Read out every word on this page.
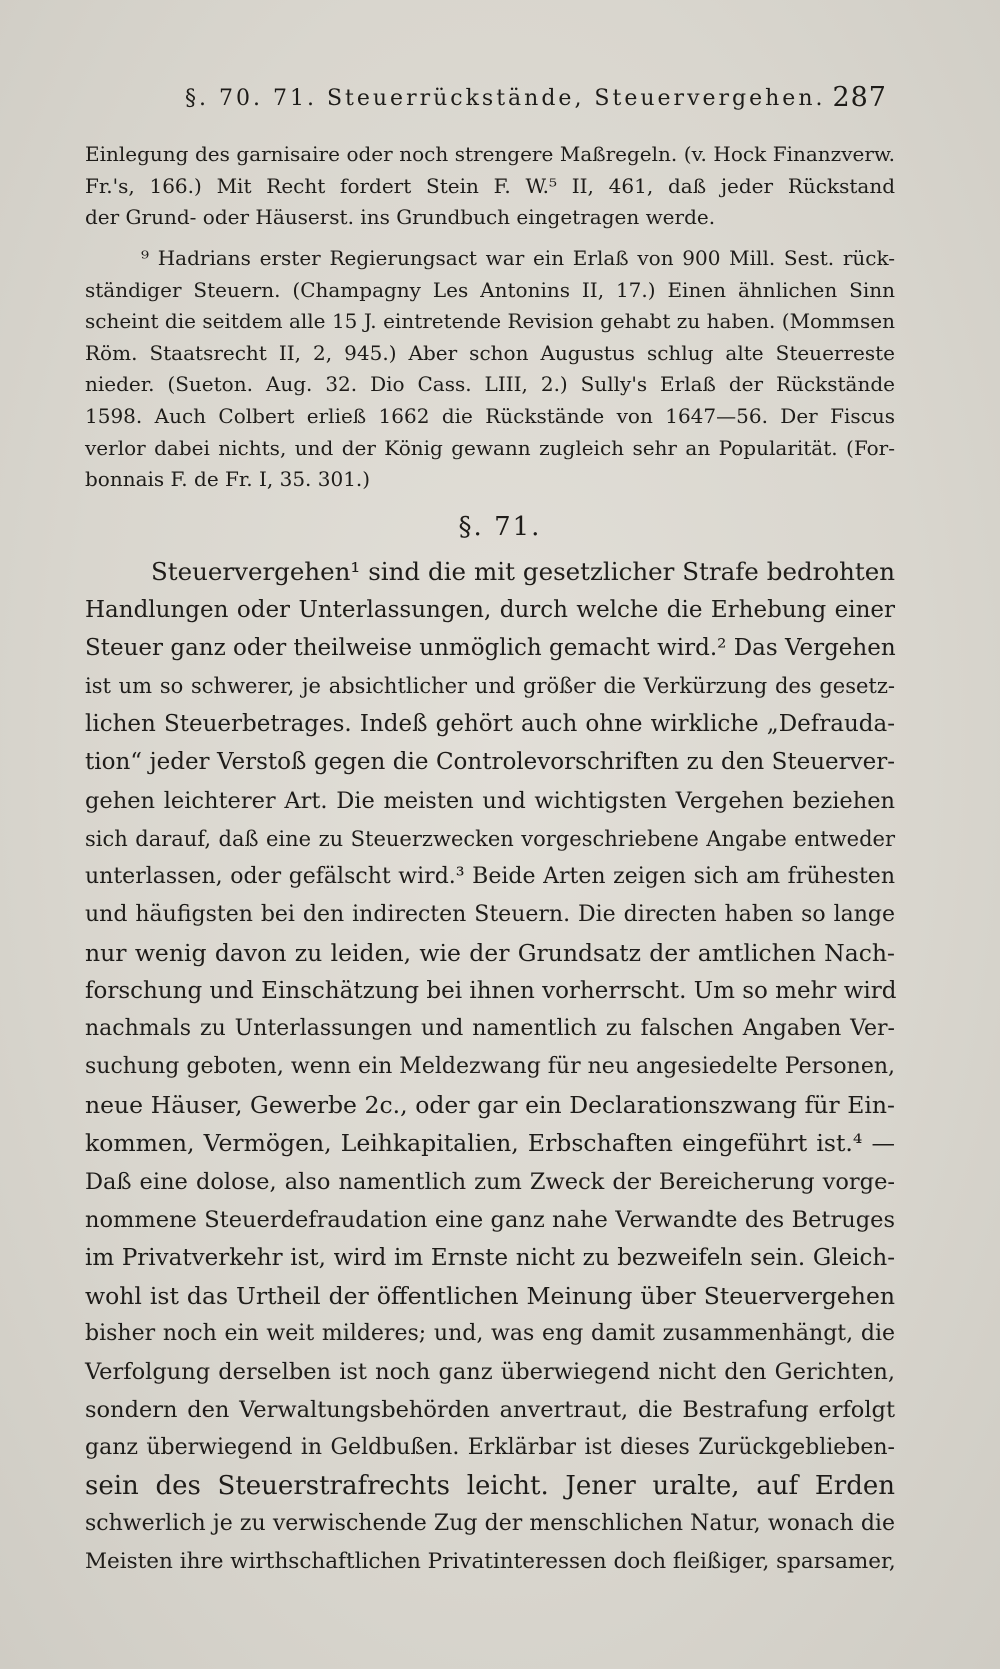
§. 70. 71. Steuerrückstände, Steuervergehen. 287
Einlegung des garnisaire oder noch strengere Maßregeln. (v. Hock Finanzverw.
Fr.'s, 166.) Mit Recht fordert Stein F. W.⁵ II, 461, daß jeder Rückstand
der Grund- oder Häuserst. ins Grundbuch eingetragen werde.
⁹ Hadrians erster Regierungsact war ein Erlaß von 900 Mill. Sest. rück-
ständiger Steuern. (Champagny Les Antonins II, 17.) Einen ähnlichen Sinn
scheint die seitdem alle 15 J. eintretende Revision gehabt zu haben. (Mommsen
Röm. Staatsrecht II, 2, 945.) Aber schon Augustus schlug alte Steuerreste
nieder. (Sueton. Aug. 32. Dio Cass. LIII, 2.) Sully's Erlaß der Rückstände
1598. Auch Colbert erließ 1662 die Rückstände von 1647—56. Der Fiscus
verlor dabei nichts, und der König gewann zugleich sehr an Popularität. (For-
bonnais F. de Fr. I, 35. 301.)
§. 71.
Steuervergehen¹ sind die mit gesetzlicher Strafe bedrohten
Handlungen oder Unterlassungen, durch welche die Erhebung einer
Steuer ganz oder theilweise unmöglich gemacht wird.² Das Vergehen
ist um so schwerer, je absichtlicher und größer die Verkürzung des gesetz-
lichen Steuerbetrages. Indeß gehört auch ohne wirkliche „Defrauda-
tion“ jeder Verstoß gegen die Controlevorschriften zu den Steuerver-
gehen leichterer Art. Die meisten und wichtigsten Vergehen beziehen
sich darauf, daß eine zu Steuerzwecken vorgeschriebene Angabe entweder
unterlassen, oder gefälscht wird.³ Beide Arten zeigen sich am frühesten
und häufigsten bei den indirecten Steuern. Die directen haben so lange
nur wenig davon zu leiden, wie der Grundsatz der amtlichen Nach-
forschung und Einschätzung bei ihnen vorherrscht. Um so mehr wird
nachmals zu Unterlassungen und namentlich zu falschen Angaben Ver-
suchung geboten, wenn ein Meldezwang für neu angesiedelte Personen,
neue Häuser, Gewerbe 2c., oder gar ein Declarationszwang für Ein-
kommen, Vermögen, Leihkapitalien, Erbschaften eingeführt ist.⁴ —
Daß eine dolose, also namentlich zum Zweck der Bereicherung vorge-
nommene Steuerdefraudation eine ganz nahe Verwandte des Betruges
im Privatverkehr ist, wird im Ernste nicht zu bezweifeln sein. Gleich-
wohl ist das Urtheil der öffentlichen Meinung über Steuervergehen
bisher noch ein weit milderes; und, was eng damit zusammenhängt, die
Verfolgung derselben ist noch ganz überwiegend nicht den Gerichten,
sondern den Verwaltungsbehörden anvertraut, die Bestrafung erfolgt
ganz überwiegend in Geldbußen. Erklärbar ist dieses Zurückgeblieben-
sein des Steuerstrafrechts leicht. Jener uralte, auf Erden
schwerlich je zu verwischende Zug der menschlichen Natur, wonach die
Meisten ihre wirthschaftlichen Privatinteressen doch fleißiger, sparsamer,
